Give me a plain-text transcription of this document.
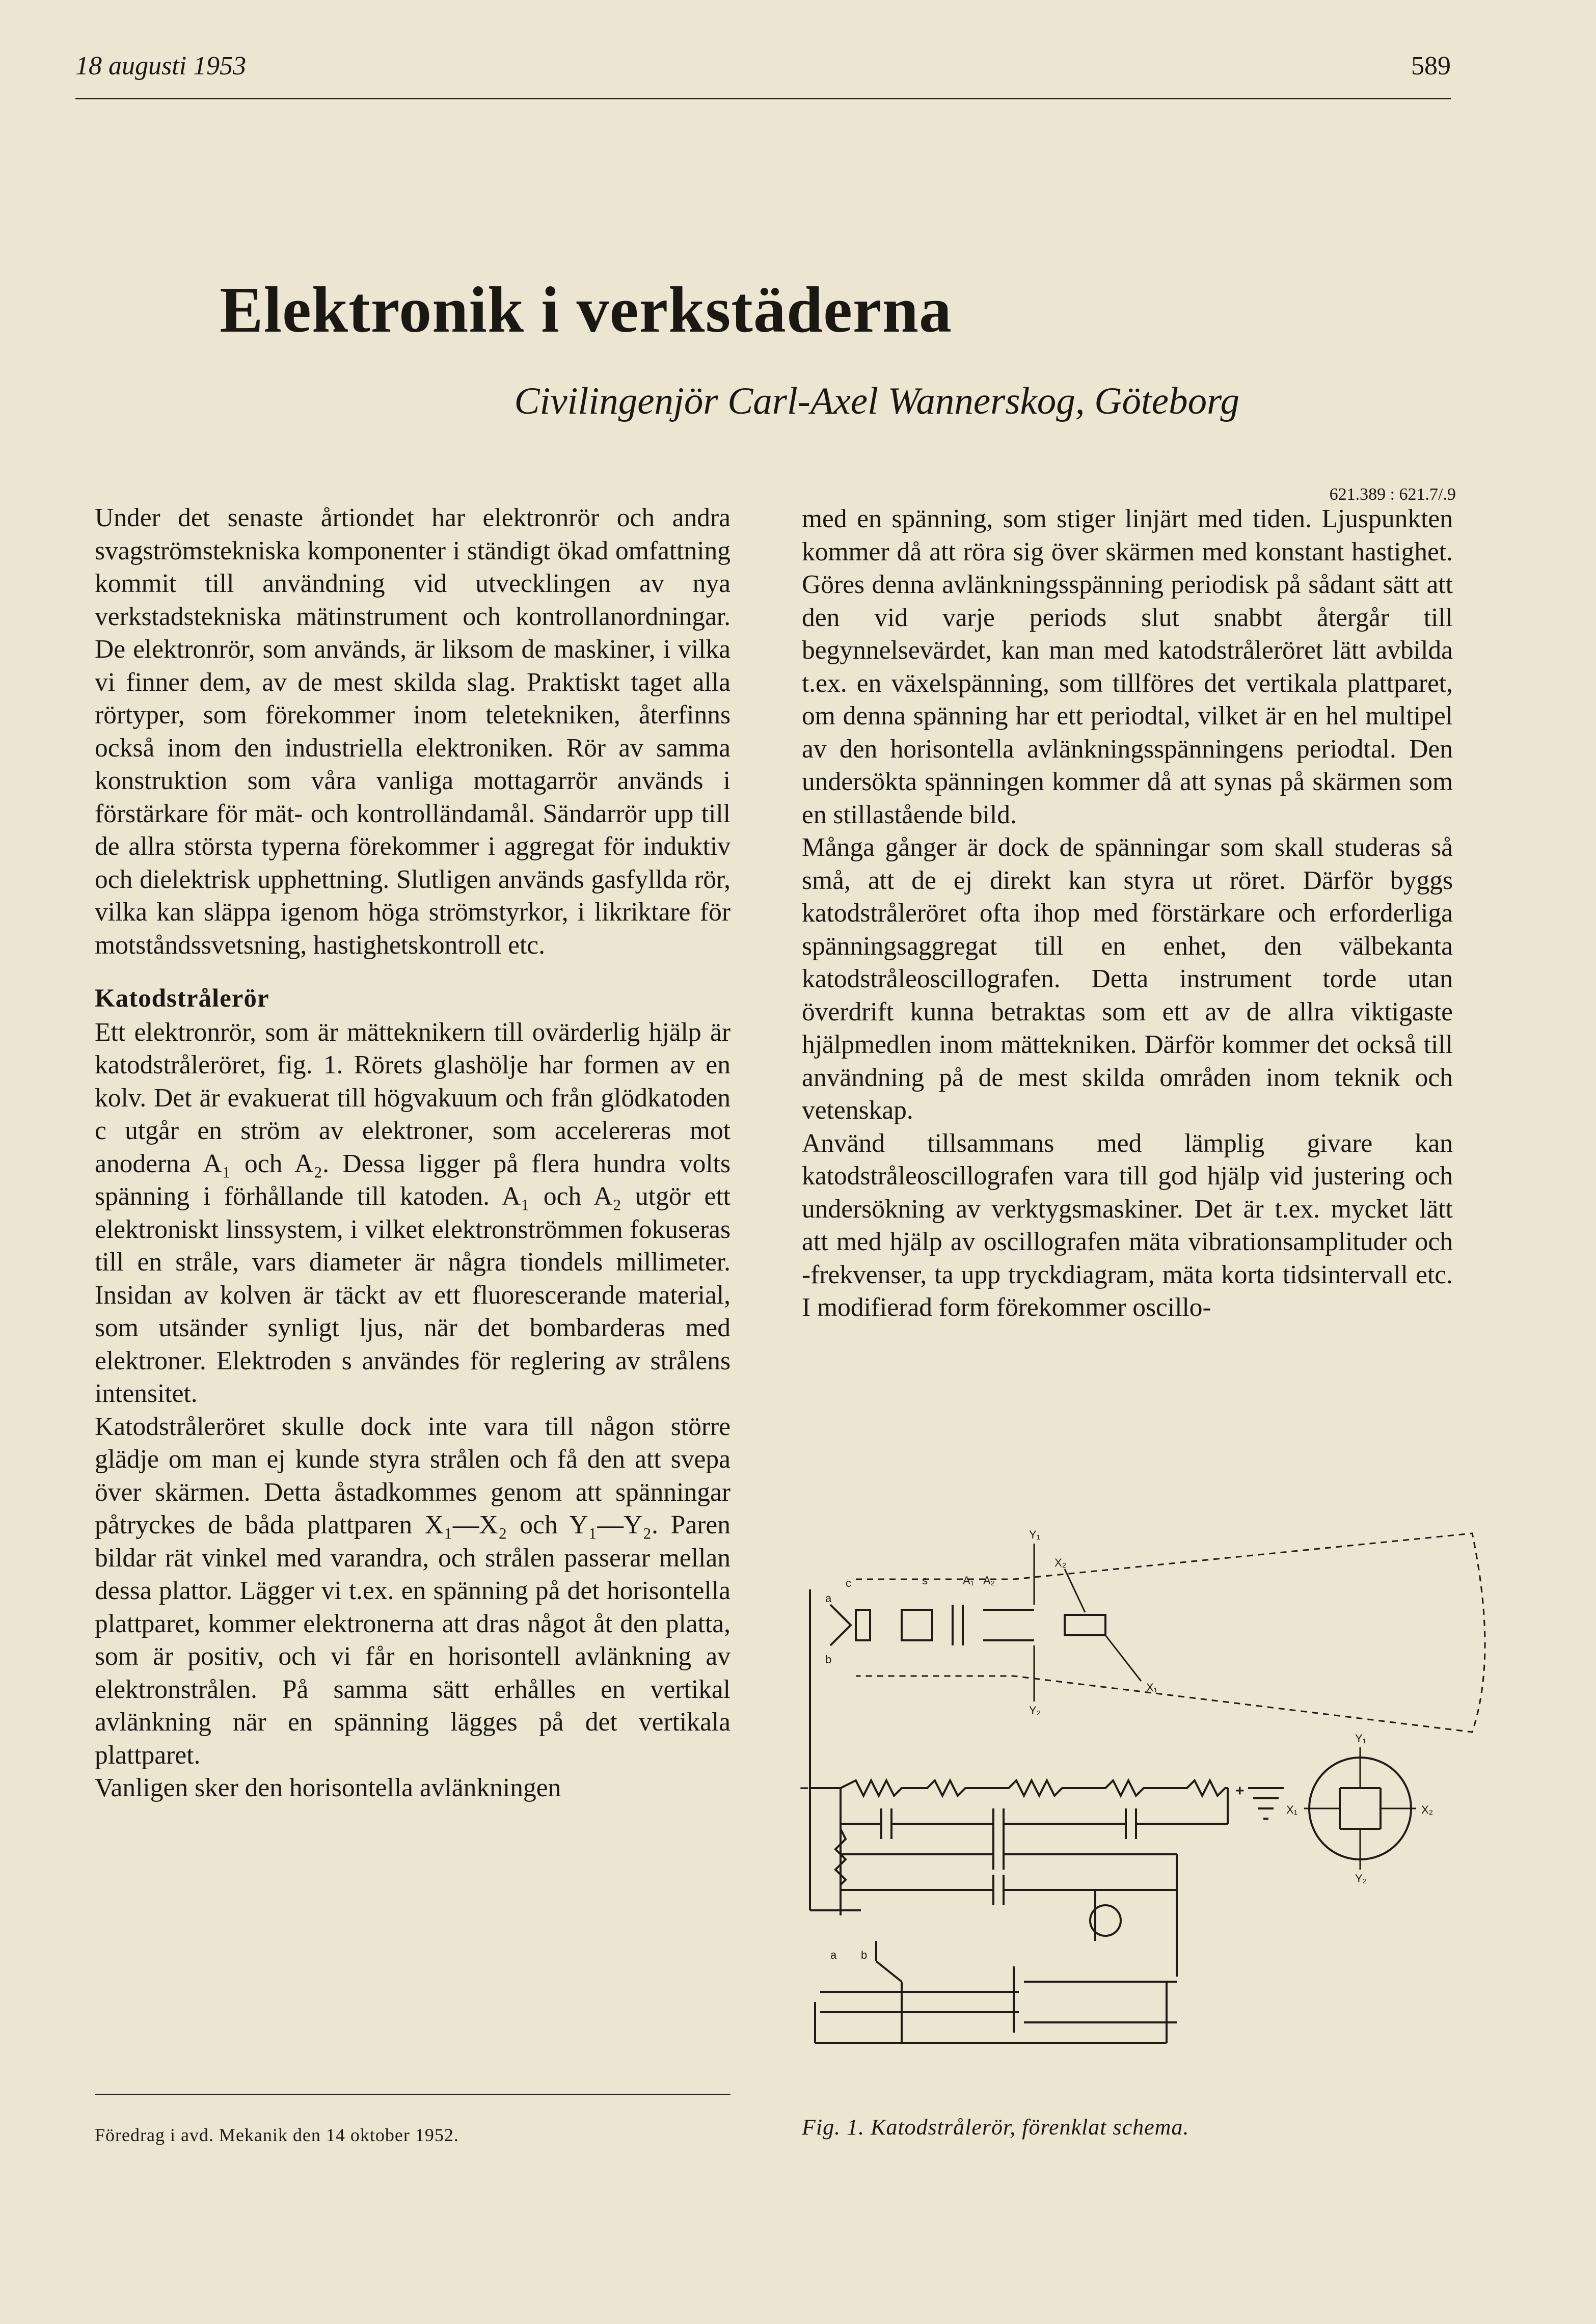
18 augusti 1953	589
Elektronik i verkstäderna
Civilingenjör Carl-Axel Wannerskog, Göteborg
621.389 : 621.7/.9

Under det senaste årtiondet har elektronrör och andra svagströmstekniska komponenter i ständigt ökad omfattning kommit till användning vid utvecklingen av nya verkstadstekniska mätinstrument och kontrollanordningar. De elektronrör, som används, är liksom de maskiner, i vilka vi finner dem, av de mest skilda slag. Praktiskt taget alla rörtyper, som förekommer inom teletekniken, återfinns också inom den industriella elektroniken. Rör av samma konstruktion som våra vanliga mottagarrör används i förstärkare för mät- och kontrolländamål. Sändarrör upp till de allra största typerna förekommer i aggregat för induktiv och dielektrisk upphettning. Slutligen används gasfyllda rör, vilka kan släppa igenom höga strömstyrkor, i likriktare för motståndssvetsning, hastighetskontroll etc.

Katodstrålerör

Ett elektronrör, som är mätteknikern till ovärderlig hjälp är katodstråleröret, fig. 1. Rörets glashölje har formen av en kolv. Det är evakuerat till högvakuum och från glödkatoden c utgår en ström av elektroner, som accelereras mot anoderna A₁ och A₂. Dessa ligger på flera hundra volts spänning i förhållande till katoden. A₁ och A₂ utgör ett elektroniskt linssystem, i vilket elektronströmmen fokuseras till en stråle, vars diameter är några tiondels millimeter. Insidan av kolven är täckt av ett fluorescerande material, som utsänder synligt ljus, när det bombarderas med elektroner. Elektroden s användes för reglering av strålens intensitet.

Katodstråleröret skulle dock inte vara till någon större glädje om man ej kunde styra strålen och få den att svepa över skärmen. Detta åstadkommes genom att spänningar påtryckes de båda plattparen X₁—X₂ och Y₁—Y₂. Paren bildar rät vinkel med varandra, och strålen passerar mellan dessa plattor. Lägger vi t.ex. en spänning på det horisontella plattparet, kommer elektronerna att dras något åt den platta, som är positiv, och vi får en horisontell avlänkning av elektronstrålen. På samma sätt erhålles en vertikal avlänkning när en spänning lägges på det vertikala plattparet.

Vanligen sker den horisontella avlänkningen

med en spänning, som stiger linjärt med tiden. Ljuspunkten kommer då att röra sig över skärmen med konstant hastighet. Göres denna avlänkningsspänning periodisk på sådant sätt att den vid varje periods slut snabbt återgår till begynnelsevärdet, kan man med katodstråleröret lätt avbilda t.ex. en växelspänning, som tillföres det vertikala plattparet, om denna spänning har ett periodtal, vilket är en hel multipel av den horisontella avlänkningsspänningens periodtal. Den undersökta spänningen kommer då att synas på skärmen som en stillastående bild.

Många gånger är dock de spänningar som skall studeras så små, att de ej direkt kan styra ut röret. Därför byggs katodstråleröret ofta ihop med förstärkare och erforderliga spänningsaggregat till en enhet, den välbekanta katodstråleoscillografen. Detta instrument torde utan överdrift kunna betraktas som ett av de allra viktigaste hjälpmedlen inom mättekniken. Därför kommer det också till användning på de mest skilda områden inom teknik och vetenskap.

Använd tillsammans med lämplig givare kan katodstråleoscillografen vara till god hjälp vid justering och undersökning av verktygsmaskiner. Det är t.ex. mycket lätt att med hjälp av oscillografen mäta vibrationsamplituder och -frekvenser, ta upp tryckdiagram, mäta korta tidsintervall etc. I modifierad form förekommer oscillo-

a
b
c	s	A₁ A₂
Y₁
Y₂
X₂
X₁
−	+
a b
Y₁
Y₂
X₁	X₂
Föredrag i avd. Mekanik den 14 oktober 1952.	Fig. 1. Katodstrålerör, förenklat schema.
